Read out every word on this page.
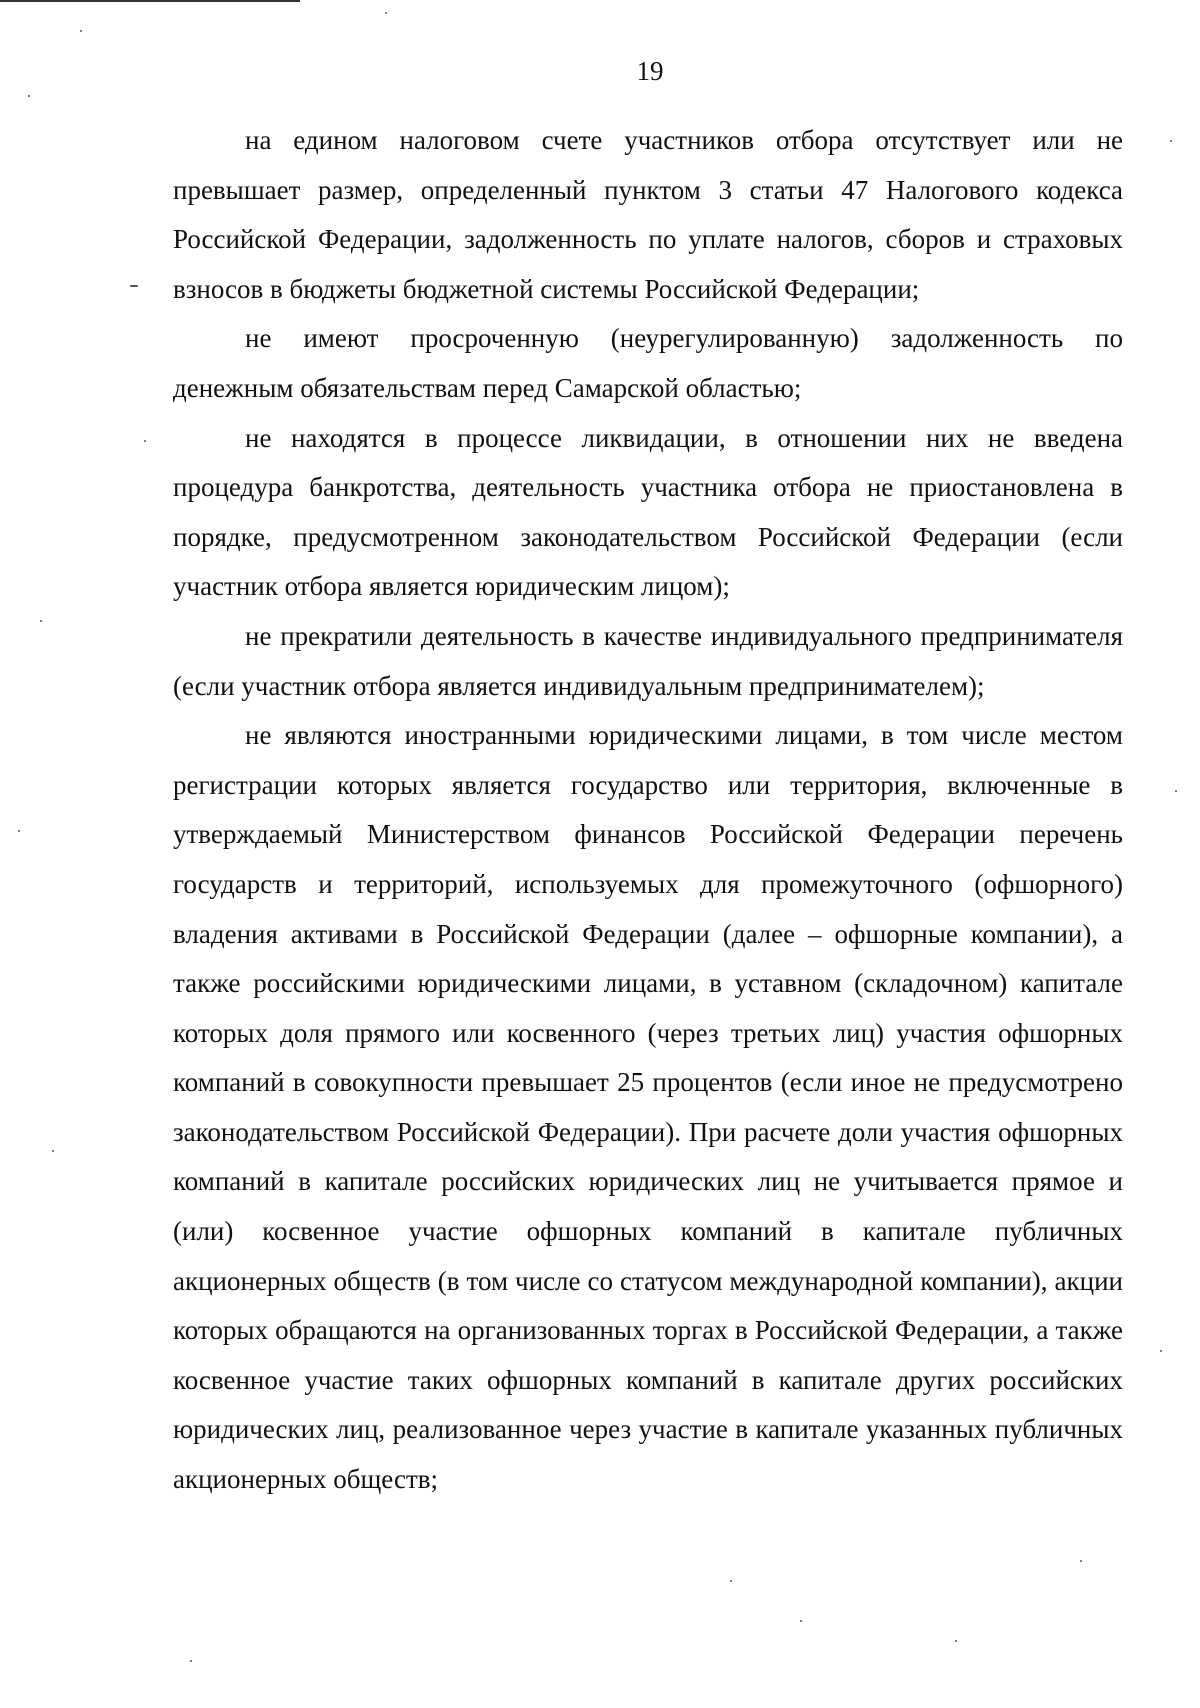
19

на едином налоговом счете участников отбора отсутствует или не превышает размер, определенный пунктом 3 статьи 47 Налогового кодекса Российской Федерации, задолженность по уплате налогов, сборов и страховых взносов в бюджеты бюджетной системы Российской Федерации;

не имеют просроченную (неурегулированную) задолженность по денежным обязательствам перед Самарской областью;

не находятся в процессе ликвидации, в отношении них не введена процедура банкротства, деятельность участника отбора не приостановлена в порядке, предусмотренном законодательством Российской Федерации (если участник отбора является юридическим лицом);

не прекратили деятельность в качестве индивидуального предпринимателя (если участник отбора является индивидуальным предпринимателем);

не являются иностранными юридическими лицами, в том числе местом регистрации которых является государство или территория, включенные в утверждаемый Министерством финансов Российской Федерации перечень государств и территорий, используемых для промежуточного (офшорного) владения активами в Российской Федерации (далее – офшорные компании), а также российскими юридическими лицами, в уставном (складочном) капитале которых доля прямого или косвенного (через третьих лиц) участия офшорных компаний в совокупности превышает 25 процентов (если иное не предусмотрено законодательством Российской Федерации). При расчете доли участия офшорных компаний в капитале российских юридических лиц не учитывается прямое и (или) косвенное участие офшорных компаний в капитале публичных акционерных обществ (в том числе со статусом международной компании), акции которых обращаются на организованных торгах в Российской Федерации, а также косвенное участие таких офшорных компаний в капитале других российских юридических лиц, реализованное через участие в капитале указанных публичных акционерных обществ;
